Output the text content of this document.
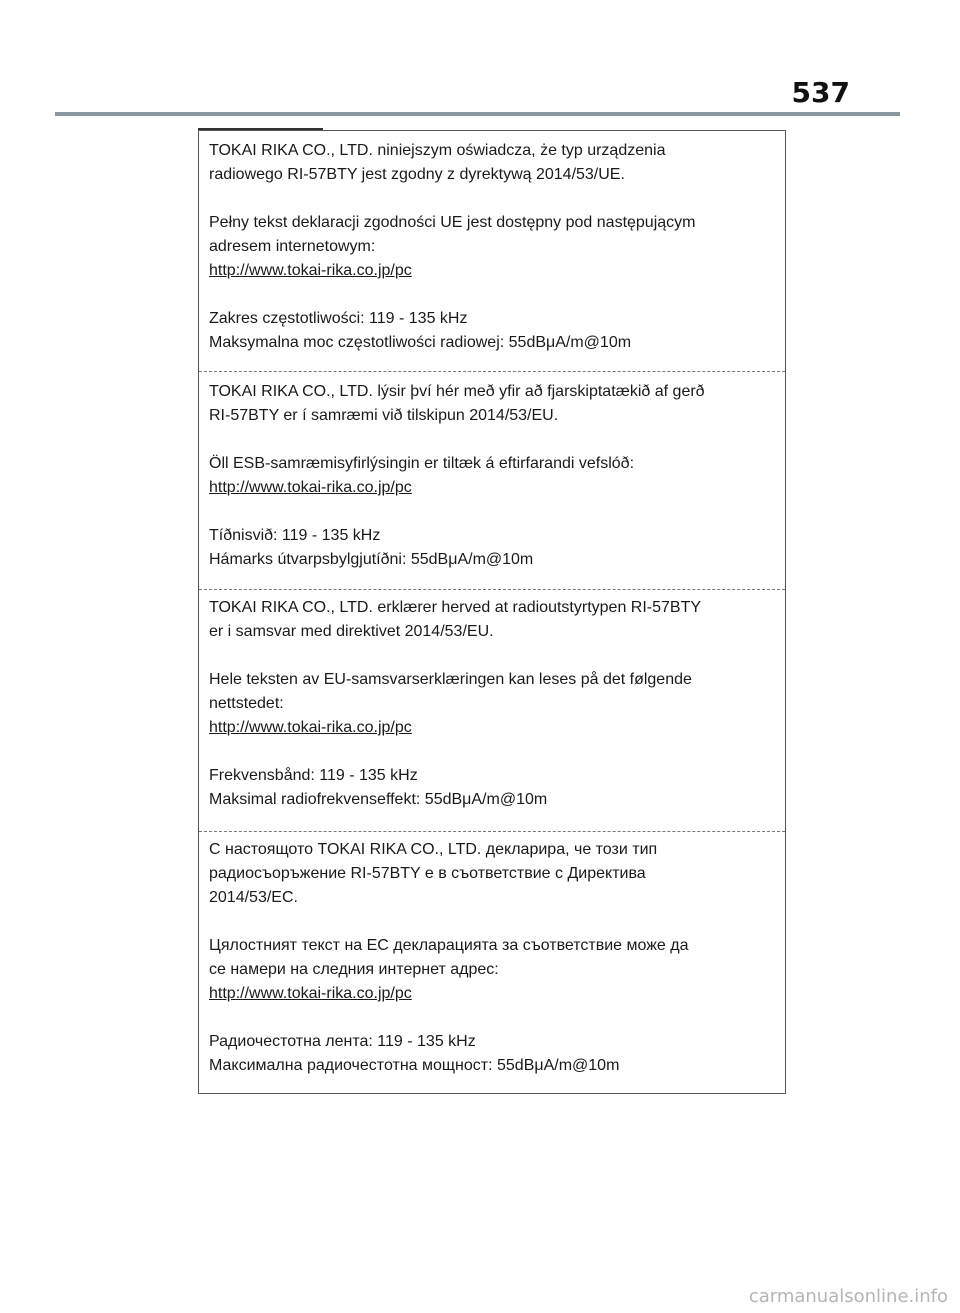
537

TOKAI RIKA CO., LTD. niniejszym oświadcza, że typ urządzenia

radiowego RI-57BTY jest zgodny z dyrektywą 2014/53/UE.

Pełny tekst deklaracji zgodności UE jest dostępny pod następującym

adresem internetowym:

http://www.tokai-rika.co.jp/pc

Zakres częstotliwości: 119 - 135 kHz

Maksymalna moc częstotliwości radiowej: 55dBμA/m@10m

TOKAI RIKA CO., LTD. lýsir því hér með yfir að fjarskiptatækið af gerð

RI-57BTY er í samræmi við tilskipun 2014/53/EU.

Öll ESB-samræmisyfirlýsingin er tiltæk á eftirfarandi vefslóð:

http://www.tokai-rika.co.jp/pc

Tíðnisvið: 119 - 135 kHz

Hámarks útvarpsbylgjutíðni: 55dBμA/m@10m

TOKAI RIKA CO., LTD. erklærer herved at radioutstyrtypen RI-57BTY

er i samsvar med direktivet 2014/53/EU.

Hele teksten av EU-samsvarserklæringen kan leses på det følgende

nettstedet:

http://www.tokai-rika.co.jp/pc

Frekvensbånd: 119 - 135 kHz

Maksimal radiofrekvenseffekt: 55dBμA/m@10m

С настоящото TOKAI RIKA CO., LTD. декларира, че този тип

радиосъоръжение RI-57BTY е в съответствие с Директива

2014/53/ЕС.

Цялостният текст на ЕС декларацията за съответствие може да

се намери на следния интернет адрес:

http://www.tokai-rika.co.jp/pc

Радиочестотна лента: 119 - 135 kHz

Максимална радиочестотна мощност: 55dBμA/m@10m

carmanualsonline.info
